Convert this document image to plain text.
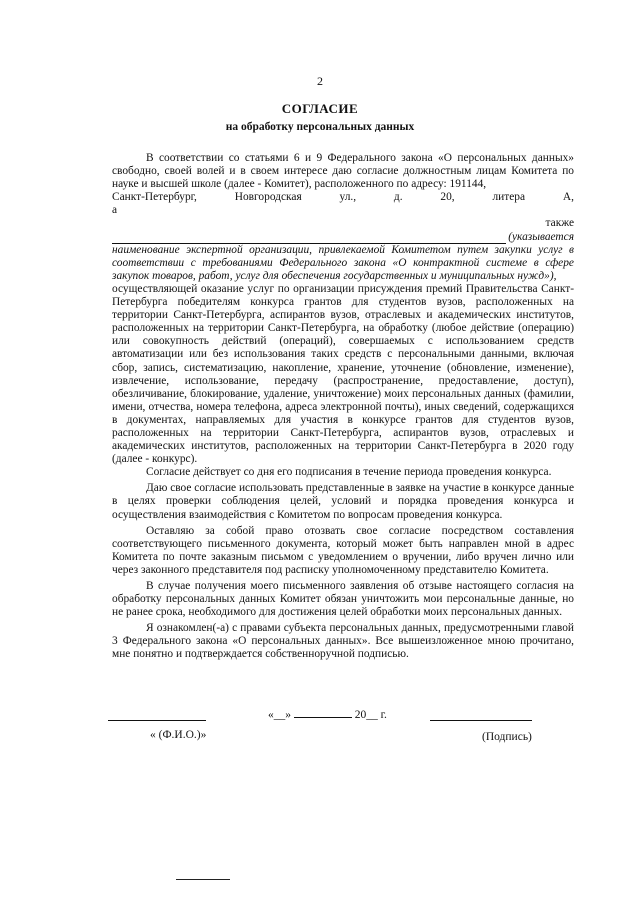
2
СОГЛАСИЕ
на обработку персональных данных

В соответствии со статьями 6 и 9 Федерального закона «О персональных данных» свободно, своей волей и в своем интересе даю согласие должностным лицам Комитета по науке и высшей школе (далее - Комитет), расположенного по адресу: 191144,

Санкт-Петербург,	Новгородская	ул.,	д.	20,	литера	А,
а
также
(указывается

наименование экспертной организации, привлекаемой Комитетом путем закупки услуг в соответствии с требованиями Федерального закона «О контрактной системе в сфере закупок товаров, работ, услуг для обеспечения государственных и муниципальных нужд»),

осуществляющей оказание услуг по организации присуждения премий Правительства Санкт-Петербурга победителям конкурса грантов для студентов вузов, расположенных на территории Санкт-Петербурга, аспирантов вузов, отраслевых и академических институтов, расположенных на территории Санкт-Петербурга, на обработку (любое действие (операцию) или совокупность действий (операций), совершаемых с использованием средств автоматизации или без использования таких средств с персональными данными, включая сбор, запись, систематизацию, накопление, хранение, уточнение (обновление, изменение), извлечение, использование, передачу (распространение, предоставление, доступ), обезличивание, блокирование, удаление, уничтожение) моих персональных данных (фамилии, имени, отчества, номера телефона, адреса электронной почты), иных сведений, содержащихся в документах, направляемых для участия в конкурсе грантов для студентов вузов, расположенных на территории Санкт-Петербурга, аспирантов вузов, отраслевых и академических институтов, расположенных на территории Санкт-Петербурга в 2020 году (далее - конкурс).

Согласие действует со дня его подписания в течение периода проведения конкурса.

Даю свое согласие использовать представленные в заявке на участие в конкурсе данные в целях проверки соблюдения целей, условий и порядка проведения конкурса и осуществления взаимодействия с Комитетом по вопросам проведения конкурса.

Оставляю за собой право отозвать свое согласие посредством составления соответствующего письменного документа, который может быть направлен мной в адрес Комитета по почте заказным письмом с уведомлением о вручении, либо вручен лично или через законного представителя под расписку уполномоченному представителю Комитета.

В случае получения моего письменного заявления об отзыве настоящего согласия на обработку персональных данных Комитет обязан уничтожить мои персональные данные, но не ранее срока, необходимого для достижения целей обработки моих персональных данных.

Я ознакомлен(-а) с правами субъекта персональных данных, предусмотренными главой 3 Федерального закона «О персональных данных». Все вышеизложенное мною прочитано, мне понятно и подтверждается собственноручной подписью.

«__»	20__ г.
« (Ф.И.О.)»	(Подпись)
